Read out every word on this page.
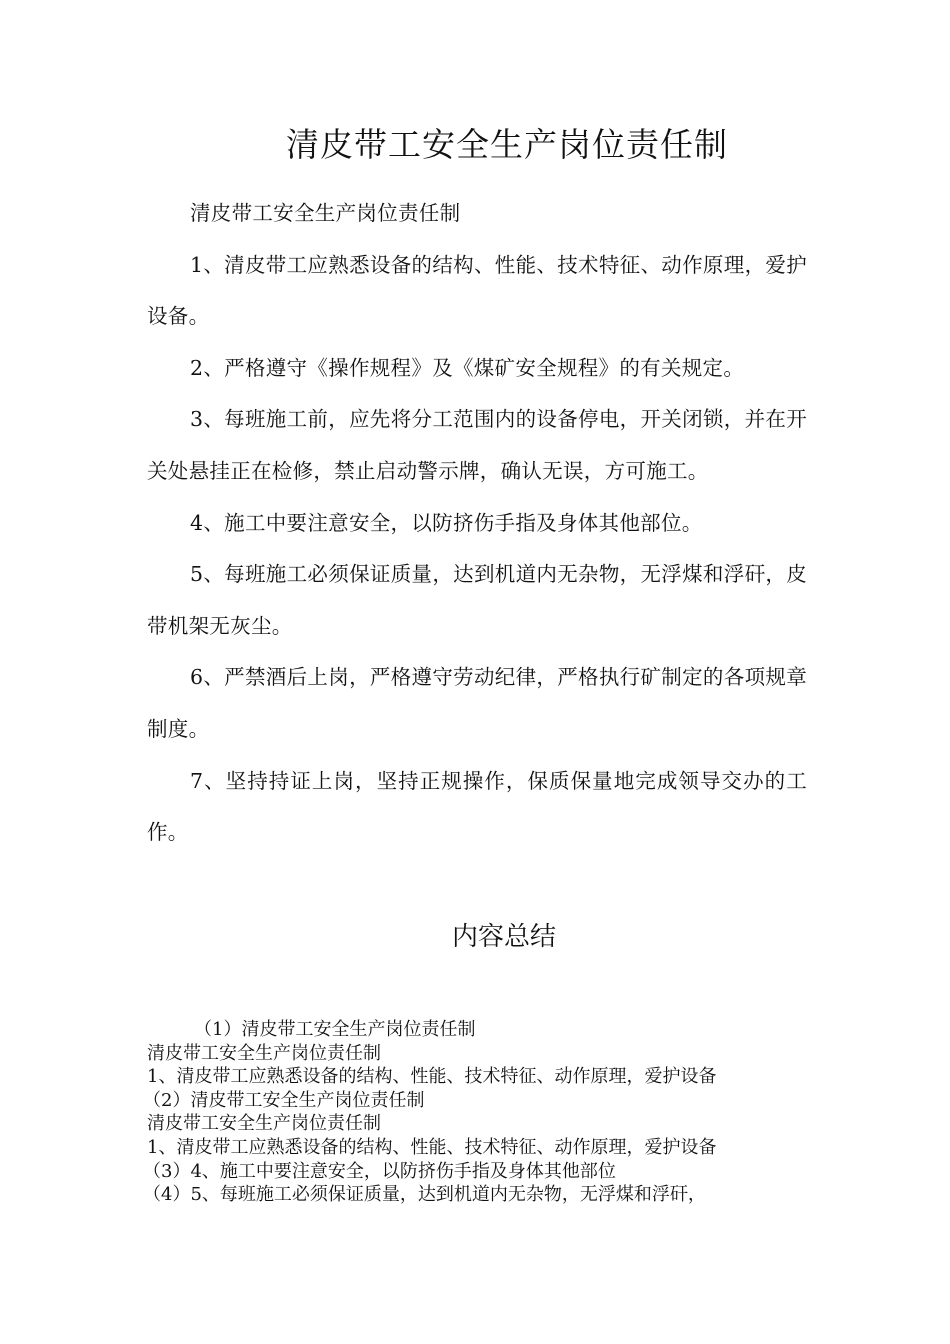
清皮带工安全生产岗位责任制

清皮带工安全生产岗位责任制

1、清皮带工应熟悉设备的结构、性能、技术特征、动作原理，爱护设备。

2、严格遵守《操作规程》及《煤矿安全规程》的有关规定。

3、每班施工前，应先将分工范围内的设备停电，开关闭锁，并在开关处悬挂正在检修，禁止启动警示牌，确认无误，方可施工。

4、施工中要注意安全，以防挤伤手指及身体其他部位。

5、每班施工必须保证质量，达到机道内无杂物，无浮煤和浮矸，皮带机架无灰尘。

6、严禁酒后上岗，严格遵守劳动纪律，严格执行矿制定的各项规章制度。

7、坚持持证上岗，坚持正规操作，保质保量地完成领导交办的工作。

内容总结
（1）清皮带工安全生产岗位责任制
清皮带工安全生产岗位责任制
1、清皮带工应熟悉设备的结构、性能、技术特征、动作原理，爱护设备
（2）清皮带工安全生产岗位责任制
清皮带工安全生产岗位责任制
1、清皮带工应熟悉设备的结构、性能、技术特征、动作原理，爱护设备
（3）4、施工中要注意安全，以防挤伤手指及身体其他部位
（4）5、每班施工必须保证质量，达到机道内无杂物，无浮煤和浮矸，
